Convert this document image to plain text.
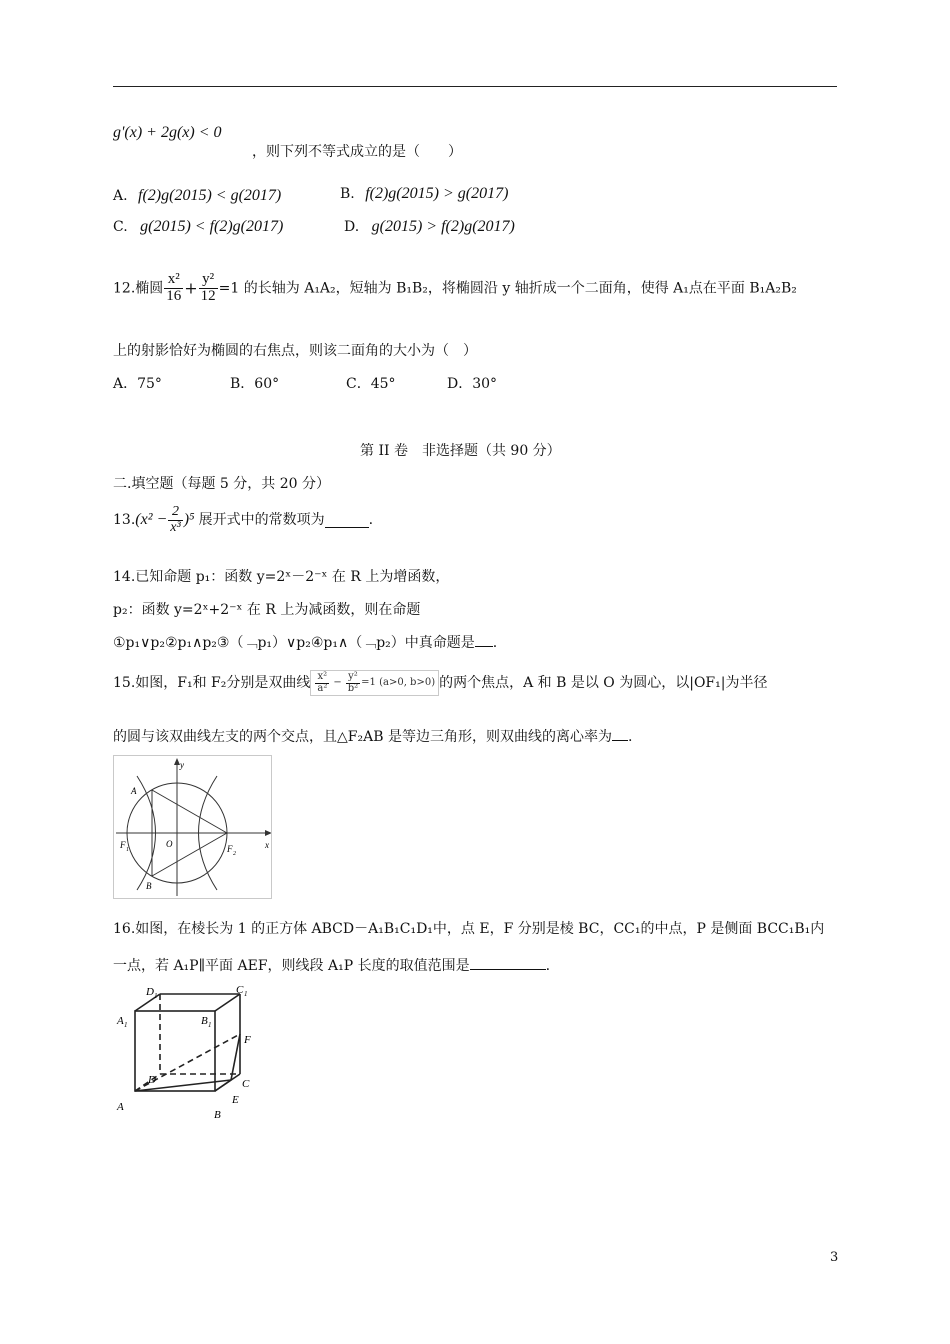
g'(x) + 2g(x) < 0
，则下列不等式成立的是（　　）
A. f(2)g(2015) < g(2017)	B. f(2)g(2015) > g(2017)
C. g(2015) < f(2)g(2017)	D. g(2015) > f(2)g(2017)
12.椭圆 $\frac{\text{x²}}{16} + \frac{\text{y²}}{12} =1$ 的长轴为 A₁A₂，短轴为 B₁B₂，将椭圆沿 y 轴折成一个二面角，使得 A₁点在平面 B₁A₂B₂
上的射影恰好为椭圆的右焦点，则该二面角的大小为（　）
A．75°	B．60°	C．45°	D．30°
第 II 卷　非选择题（共 90 分）
二.填空题（每题 5 分，共 20 分）
$13.(x^2 - \frac{2}{\text{x³}} )^5$ 展开式中的常数项为	.
14.已知命题 p₁：函数 y=2ˣ－2⁻ˣ 在 R 上为增函数，
p₂：函数 y=2ˣ+2⁻ˣ 在 R 上为减函数，则在命题
①p₁∨p₂②p₁∧p₂③（﹁p₁）∨p₂④p₁∧（﹁p₂）中真命题是 .
15.如图，F₁和 F₂分别是双曲线 $\frac{\text{x²}}{\text{a²}} - \frac{\text{y²}}{\text{b²}} =1$ (a>0, b>0) 的两个焦点，A 和 B 是以 O 为圆心，以|OF₁|为半径
的圆与该双曲线左支的两个交点，且△F₂AB 是等边三角形，则双曲线的离心率为 .
F 1	F 2
A
B
O
y
x
16.如图，在棱长为 1 的正方体 ABCD－A₁B₁C₁D₁中，点 E，F 分别是棱 BC，CC₁的中点，P 是侧面 BCC₁B₁内
一点，若 A₁P∥平面 AEF，则线段 A₁P 长度的取值范围是	.
D 1	C 1
A 1	B 1
F
D	C
E
A
B
3
